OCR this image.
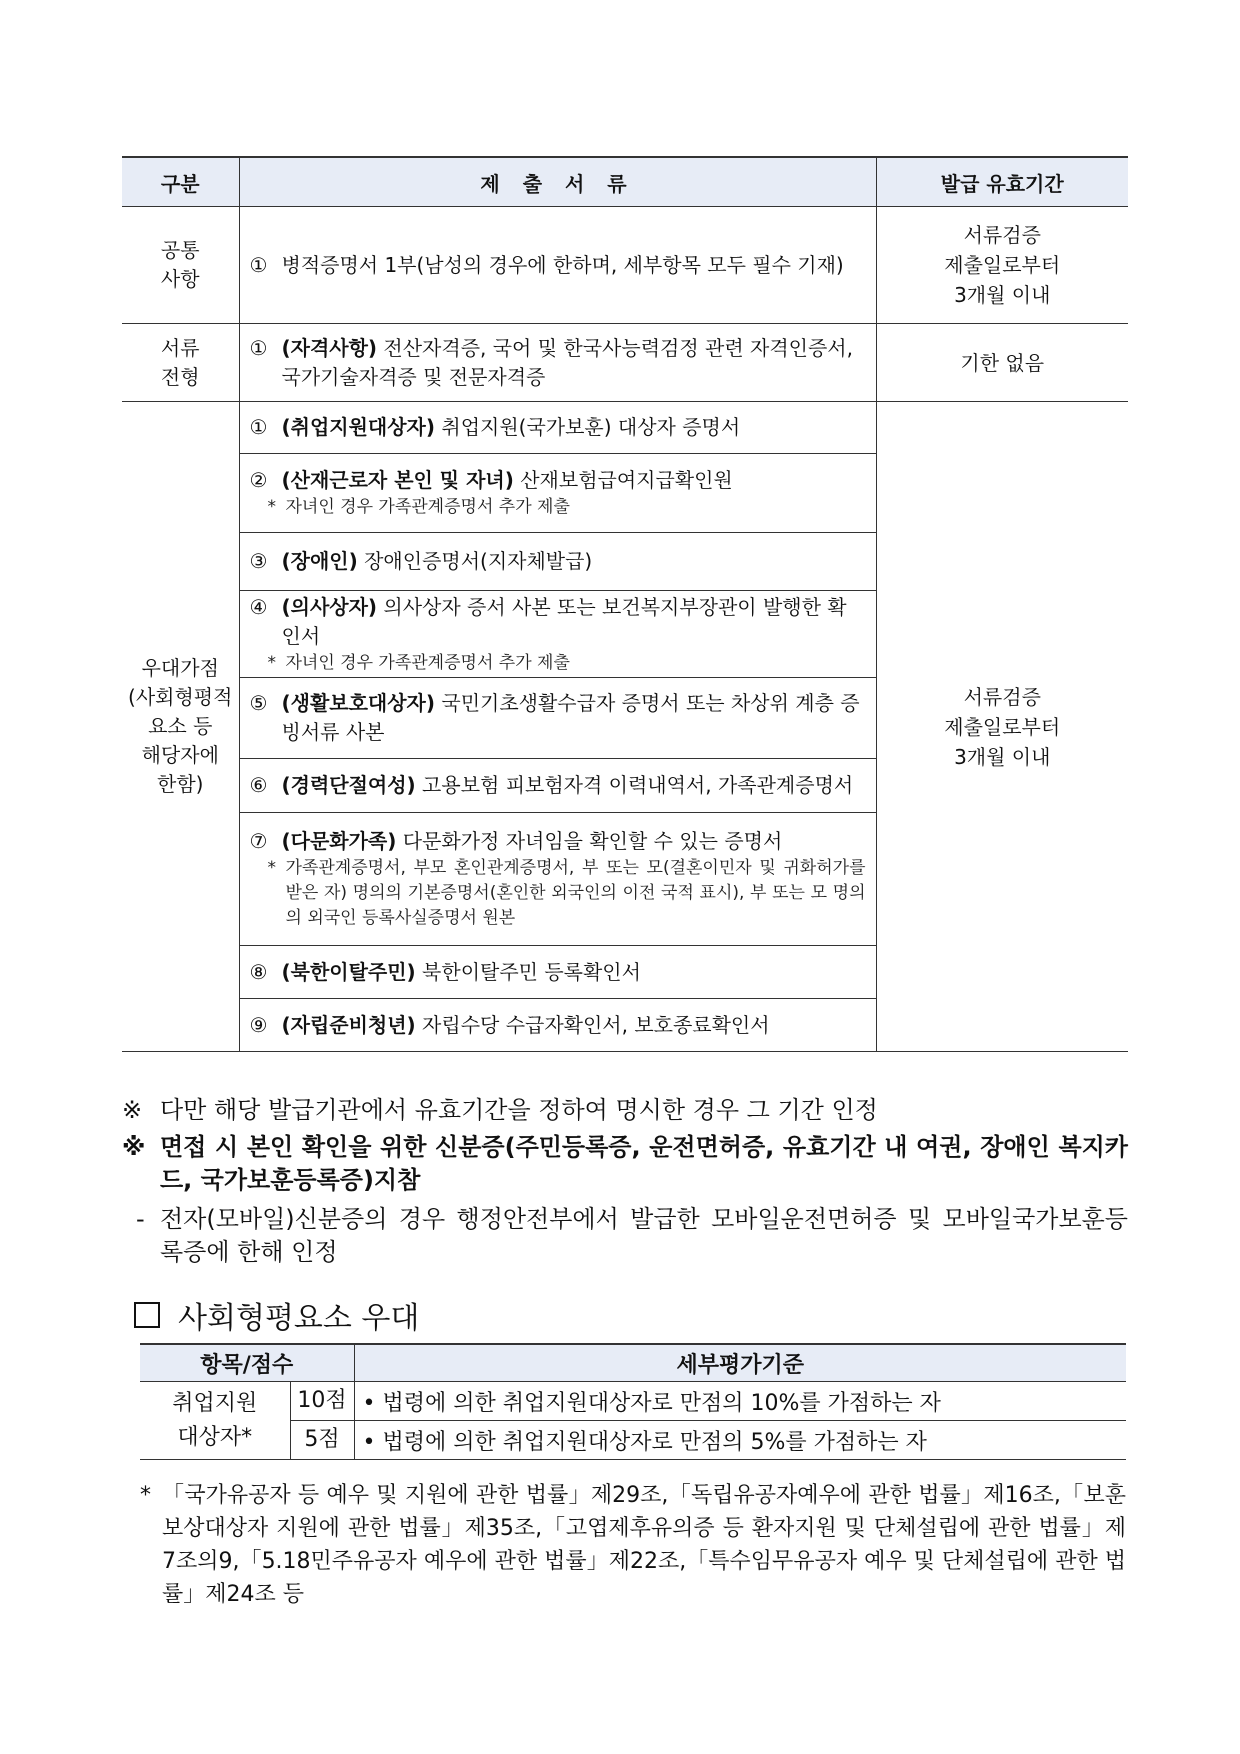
구분	제 출 서 류	발급 유효기간
공통
사항	① 병적증명서 1부(남성의 경우에 한하며, 세부항목 모두 필수 기재)	서류검증
제출일로부터
3개월 이내
서류
전형	① (자격사항) 전산자격증, 국어 및 한국사능력검정 관련 자격인증서, 국가기술자격증 및 전문자격증	기한 없음
우대가점
(사회형평적
요소 등
해당자에
한함)	① (취업지원대상자) 취업지원(국가보훈) 대상자 증명서	서류검증
제출일로부터
3개월 이내

	② (산재근로자 본인 및 자녀) 산재보험급여지급확인원
* 자녀인 경우 가족관계증명서 추가 제출	

	③ (장애인) 장애인증명서(지자체발급)	

	④ (의사상자) 의사상자 증서 사본 또는 보건복지부장관이 발행한 확인서
* 자녀인 경우 가족관계증명서 추가 제출	

	⑤ (생활보호대상자) 국민기초생활수급자 증명서 또는 차상위 계층 증빙서류 사본	

	⑥ (경력단절여성) 고용보험 피보험자격 이력내역서, 가족관계증명서	

	⑦ (다문화가족) 다문화가정 자녀임을 확인할 수 있는 증명서
* 가족관계증명서, 부모 혼인관계증명서, 부 또는 모(결혼이민자 및 귀화허가를 받은 자) 명의의 기본증명서(혼인한 외국인의 이전 국적 표시), 부 또는 모 명의의 외국인 등록사실증명서 원본	

	⑧ (북한이탈주민) 북한이탈주민 등록확인서	

	⑨ (자립준비청년) 자립수당 수급자확인서, 보호종료확인서	
※ 다만 해당 발급기관에서 유효기간을 정하여 명시한 경우 그 기간 인정
※ 면접 시 본인 확인을 위한 신분증(주민등록증, 운전면허증, 유효기간 내 여권, 장애인 복지카드, 국가보훈등록증)지참
- 전자(모바일)신분증의 경우 행정안전부에서 발급한 모바일운전면허증 및 모바일국가보훈등록증에 한해 인정
사회형평요소 우대
항목/점수		세부평가기준
취업지원
대상자*	10점	• 법령에 의한 취업지원대상자로 만점의 10%를 가점하는 자
	5점	• 법령에 의한 취업지원대상자로 만점의 5%를 가점하는 자
* 「국가유공자 등 예우 및 지원에 관한 법률」제29조,「독립유공자예우에 관한 법률」제16조,「보훈보상대상자 지원에 관한 법률」제35조,「고엽제후유의증 등 환자지원 및 단체설립에 관한 법률」제7조의9,「5.18민주유공자 예우에 관한 법률」제22조,「특수임무유공자 예우 및 단체설립에 관한 법률」제24조 등
